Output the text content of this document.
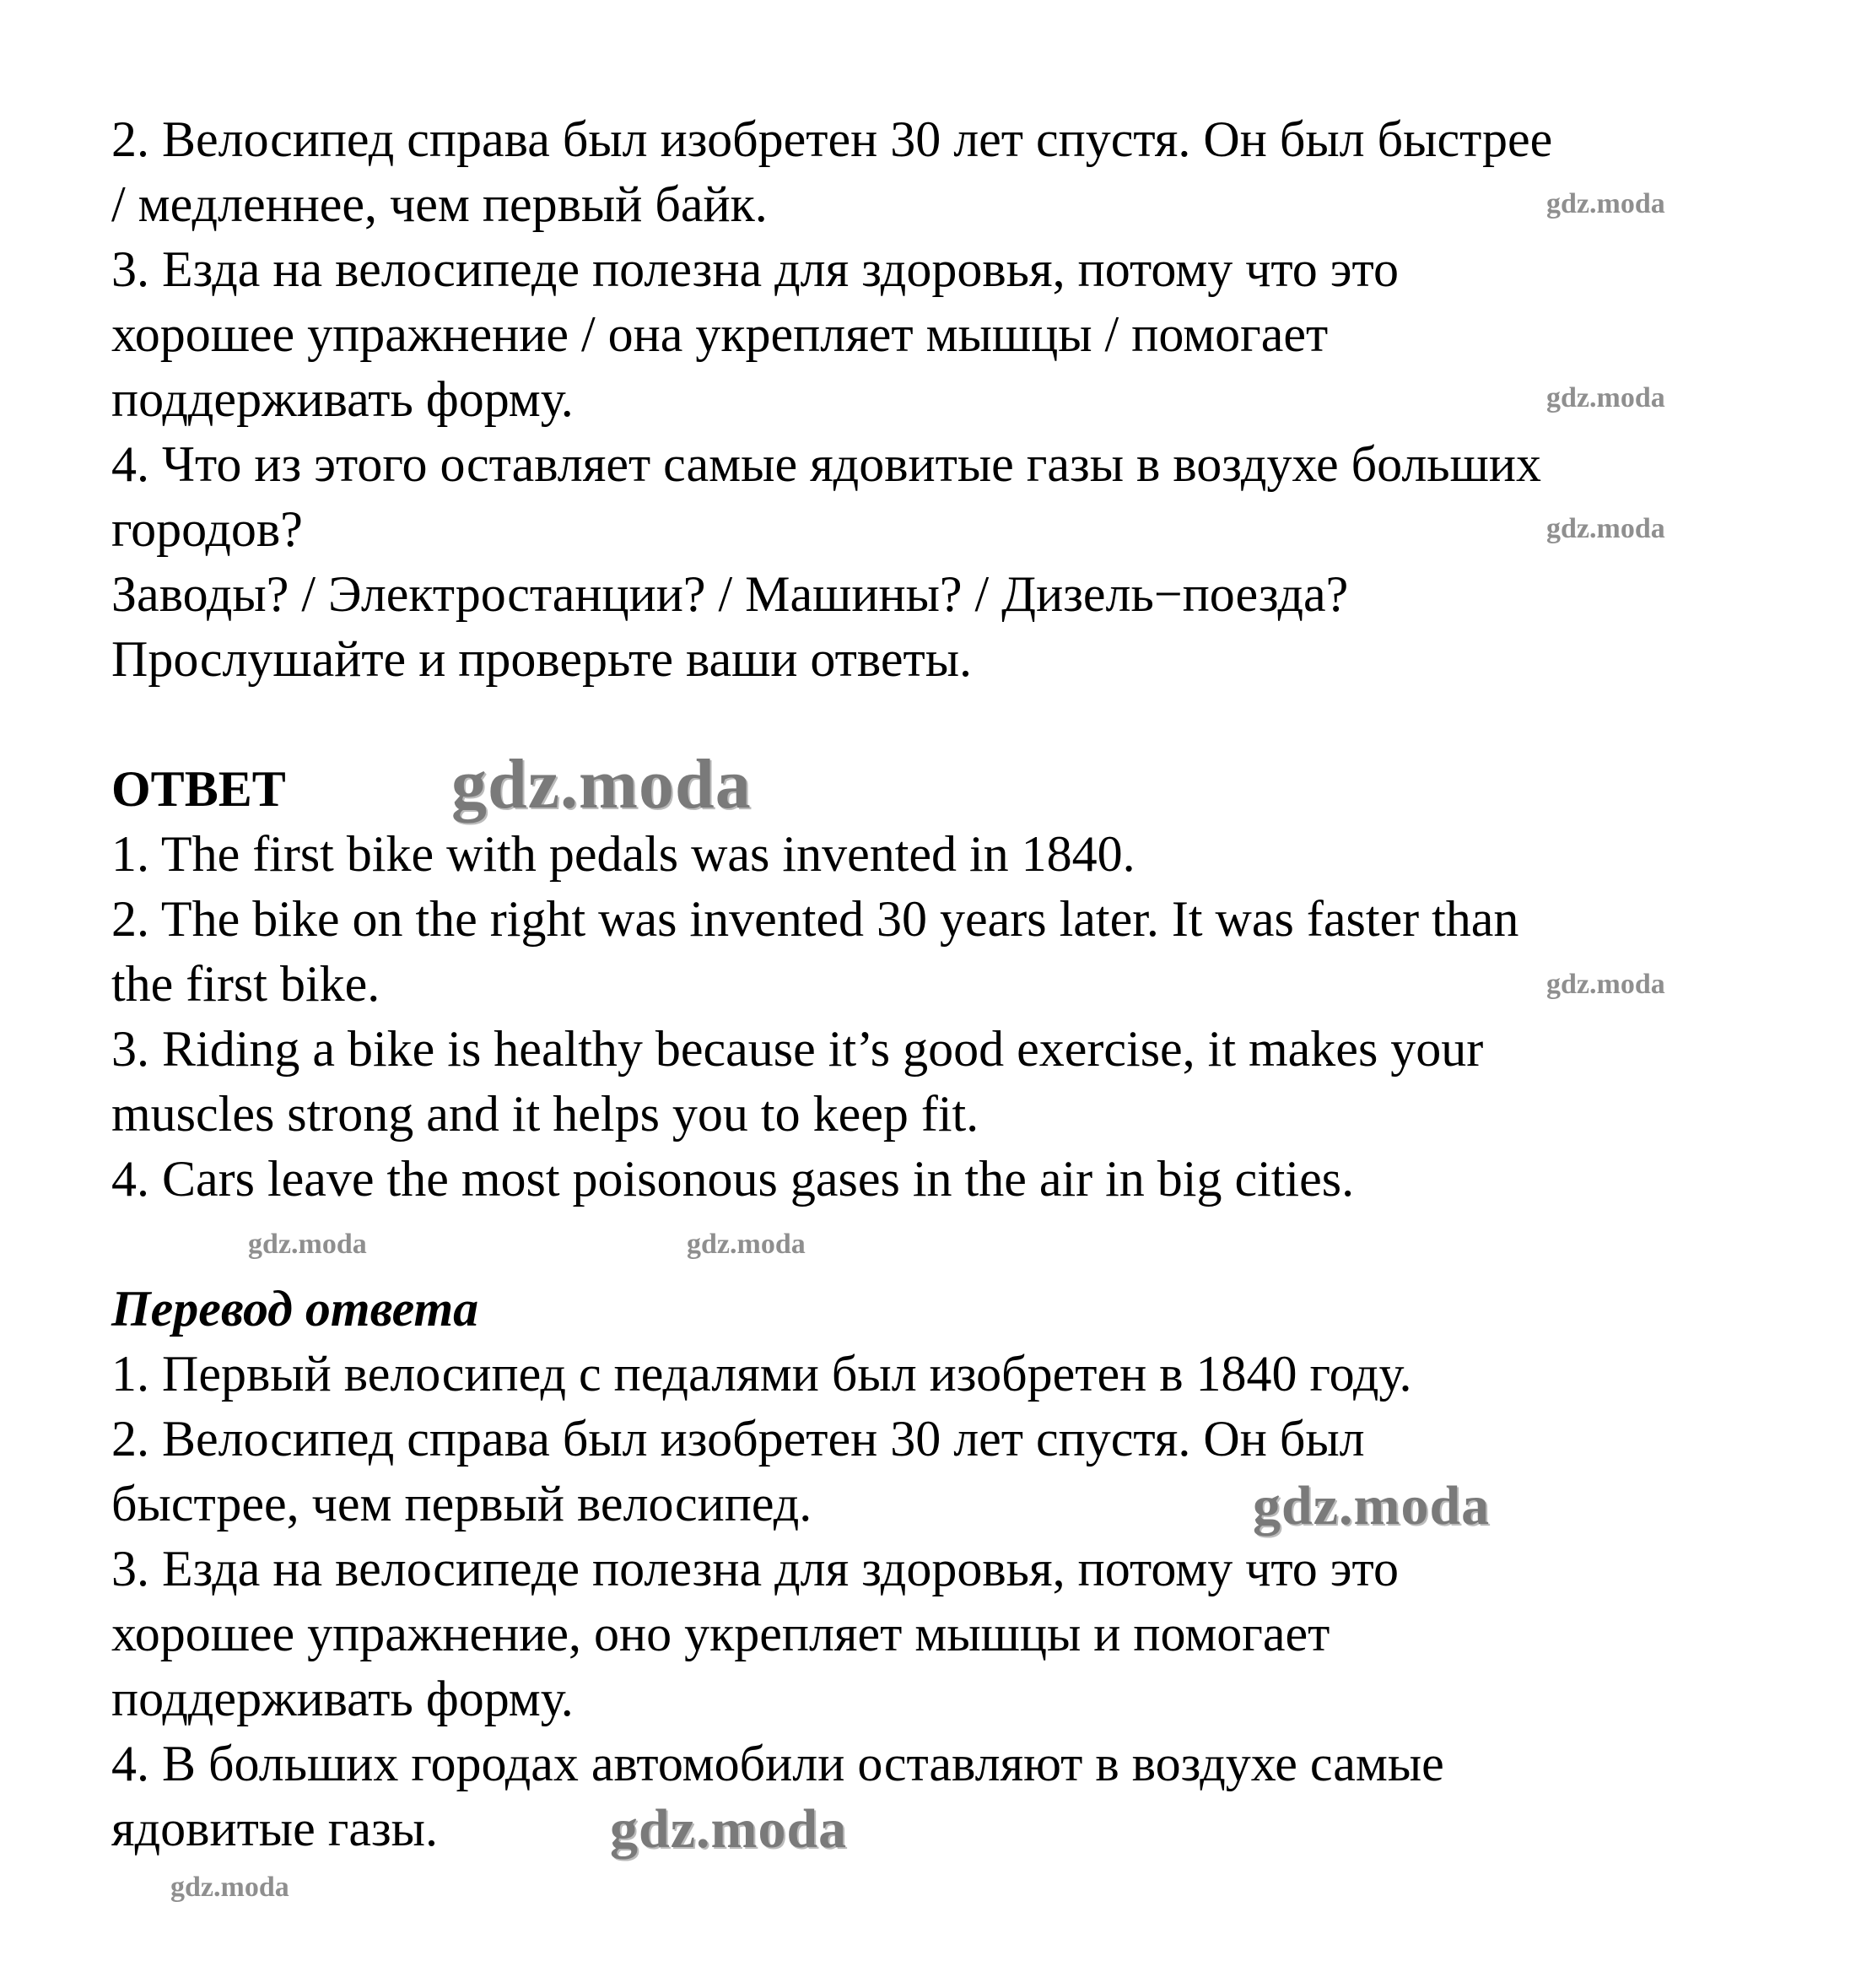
2. Велосипед справа был изобретен 30 лет спустя. Он был быстрее
/ медленнее, чем первый байк.
3. Езда на велосипеде полезна для здоровья, потому что это
хорошее упражнение / она укрепляет мышцы / помогает
поддерживать форму.
4. Что из этого оставляет самые ядовитые газы в воздухе больших
городов?
Заводы? / Электростанции? / Машины? / Дизель−поезда?
Прослушайте и проверьте ваши ответы.
ОТВЕТ
1. The first bike with pedals was invented in 1840.
2. The bike on the right was invented 30 years later. It was faster than
the first bike.
3. Riding a bike is healthy because it’s good exercise, it makes your
muscles strong and it helps you to keep fit.
4. Cars leave the most poisonous gases in the air in big cities.
Перевод ответа
1. Первый велосипед с педалями был изобретен в 1840 году.
2. Велосипед справа был изобретен 30 лет спустя. Он был
быстрее, чем первый велосипед.
3. Езда на велосипеде полезна для здоровья, потому что это
хорошее упражнение, оно укрепляет мышцы и помогает
поддерживать форму.
4. В больших городах автомобили оставляют в воздухе самые
ядовитые газы.
gdz.moda
gdz.moda
gdz.moda
gdz.moda
gdz.moda	gdz.moda
gdz.moda
gdz.moda
gdz.moda
gdz.moda
